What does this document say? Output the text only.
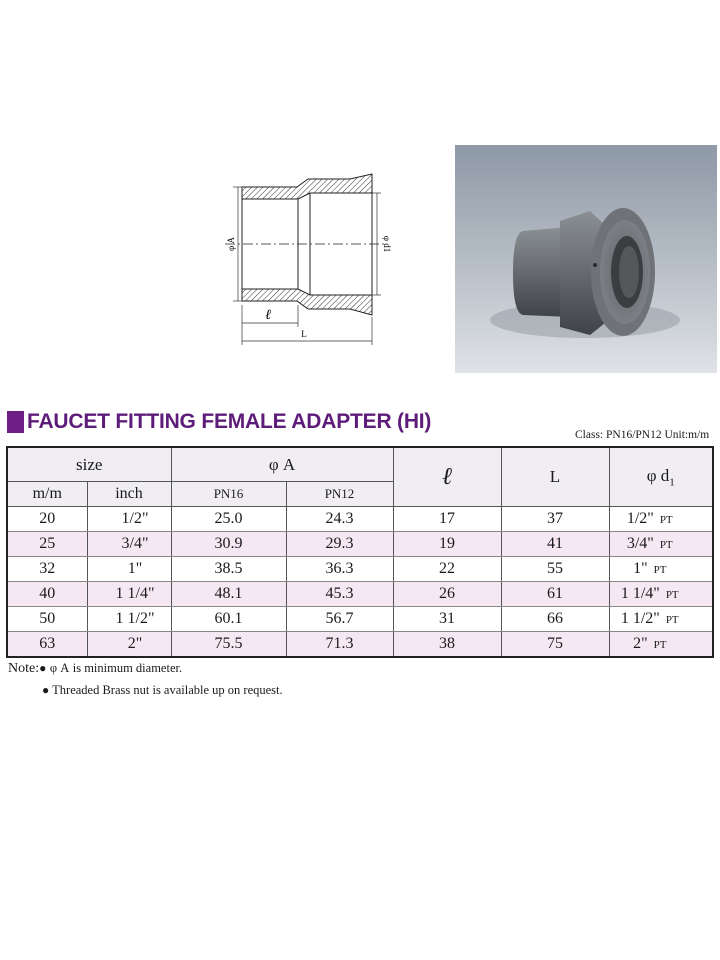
φ A	φ d1
ℓ
L
FAUCET FITTING FEMALE ADAPTER (HI)
Class: PN16/PN12 Unit:m/m
size		φ A		ℓ	L	φ $d_1$
m/m	inch	PN16	PN12			
20	1/2"	25.0	24.3	17	37	1/2" PT
25	3/4"	30.9	29.3	19	41	3/4" PT
32	1"	38.5	36.3	22	55	1" PT
40	1 1/4"	48.1	45.3	26	61	1 1/4" PT
50	1 1/2"	60.1	56.7	31	66	1 1/2" PT
63	2"	75.5	71.3	38	75	2" PT
Note:● φ A is minimum diameter.
● Threaded Brass nut is available up on request.
